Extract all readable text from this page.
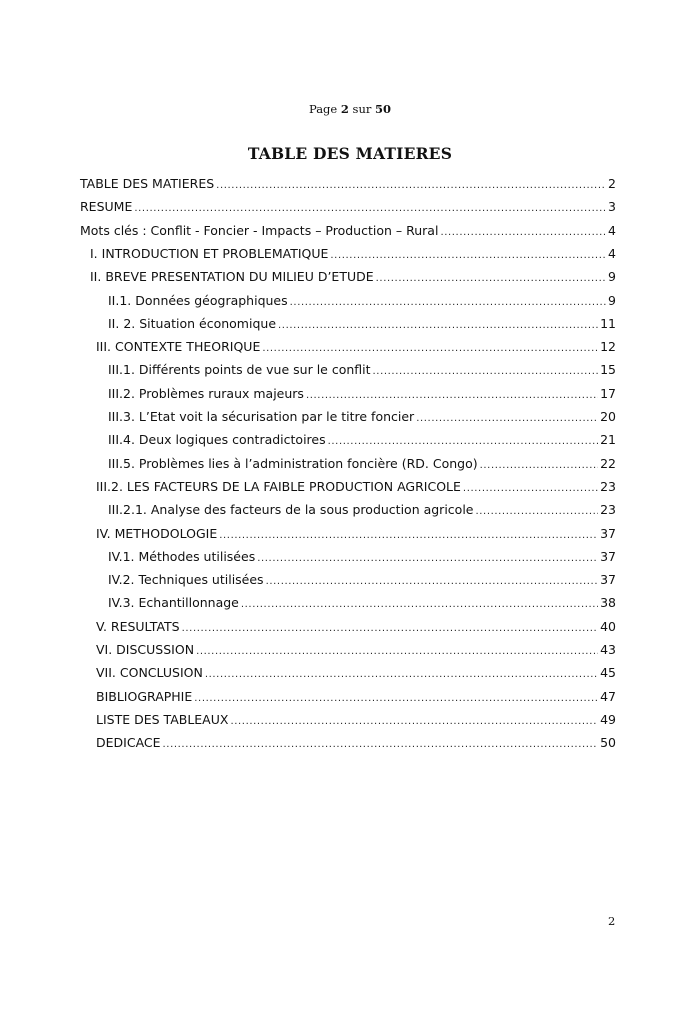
Page 2 sur 50
TABLE DES MATIERES
TABLE DES MATIERES .....	2
RESUME .....	3
Mots clés : Conflit - Foncier - Impacts – Production – Rural .....	4
I. INTRODUCTION ET PROBLEMATIQUE .....	4
II. BREVE PRESENTATION DU MILIEU D’ETUDE .....	9
II.1. Données géographiques .....	9
II. 2. Situation économique .....	11
III. CONTEXTE THEORIQUE .....	12
III.1. Différents points de vue sur le conflit .....	15
III.2. Problèmes ruraux majeurs .....	17
III.3. L’Etat voit la sécurisation par le titre foncier .....	20
III.4. Deux logiques contradictoires .....	21
III.5. Problèmes lies à l’administration foncière (RD. Congo) .....	22
III.2. LES FACTEURS DE LA FAIBLE PRODUCTION AGRICOLE .....	23
III.2.1. Analyse des facteurs de la sous production agricole .....	23
IV. METHODOLOGIE .....	37
IV.1. Méthodes utilisées .....	37
IV.2. Techniques utilisées .....	37
IV.3. Echantillonnage .....	38
V. RESULTATS .....	40
VI. DISCUSSION .....	43
VII. CONCLUSION .....	45
BIBLIOGRAPHIE .....	47
LISTE DES TABLEAUX .....	49
DEDICACE .....	50
2
